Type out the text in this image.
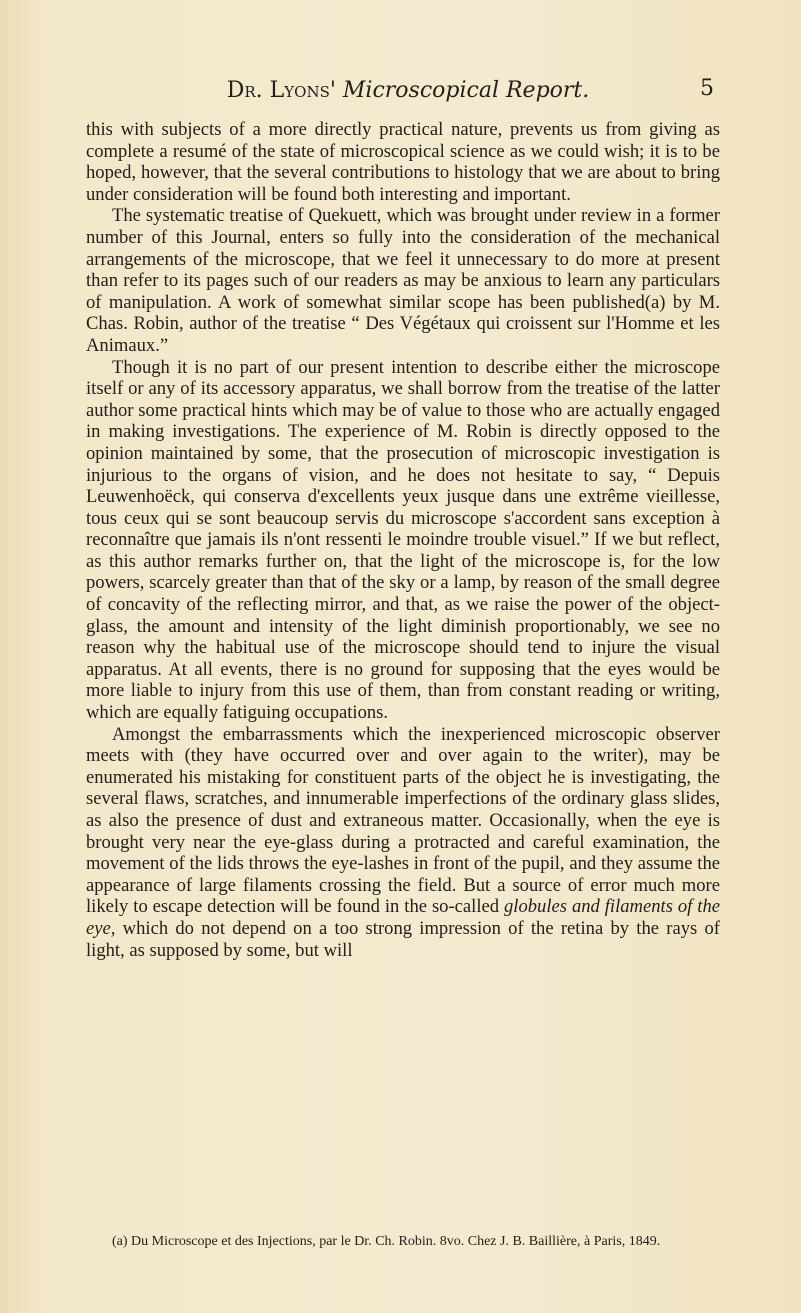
Dr. Lyons' Microscopical Report.	5

this with subjects of a more directly practical nature, prevents us from giving as complete a resumé of the state of microscopical science as we could wish; it is to be hoped, however, that the several contributions to histology that we are about to bring under consideration will be found both interesting and important.

The systematic treatise of Quekuett, which was brought under review in a former number of this Journal, enters so fully into the consideration of the mechanical arrangements of the microscope, that we feel it unnecessary to do more at present than refer to its pages such of our readers as may be anxious to learn any particulars of manipulation. A work of somewhat similar scope has been published(a) by M. Chas. Robin, author of the treatise “ Des Végétaux qui croissent sur l'Homme et les Animaux.”

Though it is no part of our present intention to describe either the microscope itself or any of its accessory apparatus, we shall borrow from the treatise of the latter author some practical hints which may be of value to those who are actually engaged in making investigations. The experience of M. Robin is directly opposed to the opinion maintained by some, that the prosecution of microscopic investigation is injurious to the organs of vision, and he does not hesitate to say, “ Depuis Leuwenhoëck, qui conserva d'excellents yeux jusque dans une extrême vieillesse, tous ceux qui se sont beaucoup servis du microscope s'accordent sans exception à reconnaître que jamais ils n'ont ressenti le moindre trouble visuel.” If we but reflect, as this author remarks further on, that the light of the microscope is, for the low powers, scarcely greater than that of the sky or a lamp, by reason of the small degree of concavity of the reflecting mirror, and that, as we raise the power of the object-glass, the amount and intensity of the light diminish proportionably, we see no reason why the habitual use of the microscope should tend to injure the visual apparatus. At all events, there is no ground for supposing that the eyes would be more liable to injury from this use of them, than from constant reading or writing, which are equally fatiguing occupations.

Amongst the embarrassments which the inexperienced microscopic observer meets with (they have occurred over and over again to the writer), may be enumerated his mistaking for constituent parts of the object he is investigating, the several flaws, scratches, and innumerable imperfections of the ordinary glass slides, as also the presence of dust and extraneous matter. Occasionally, when the eye is brought very near the eye-glass during a protracted and careful examination, the movement of the lids throws the eye-lashes in front of the pupil, and they assume the appearance of large filaments crossing the field. But a source of error much more likely to escape detection will be found in the so-called globules and filaments of the eye, which do not depend on a too strong impression of the retina by the rays of light, as supposed by some, but will

(a) Du Microscope et des Injections, par le Dr. Ch. Robin. 8vo. Chez J. B. Baillière, à Paris, 1849.
